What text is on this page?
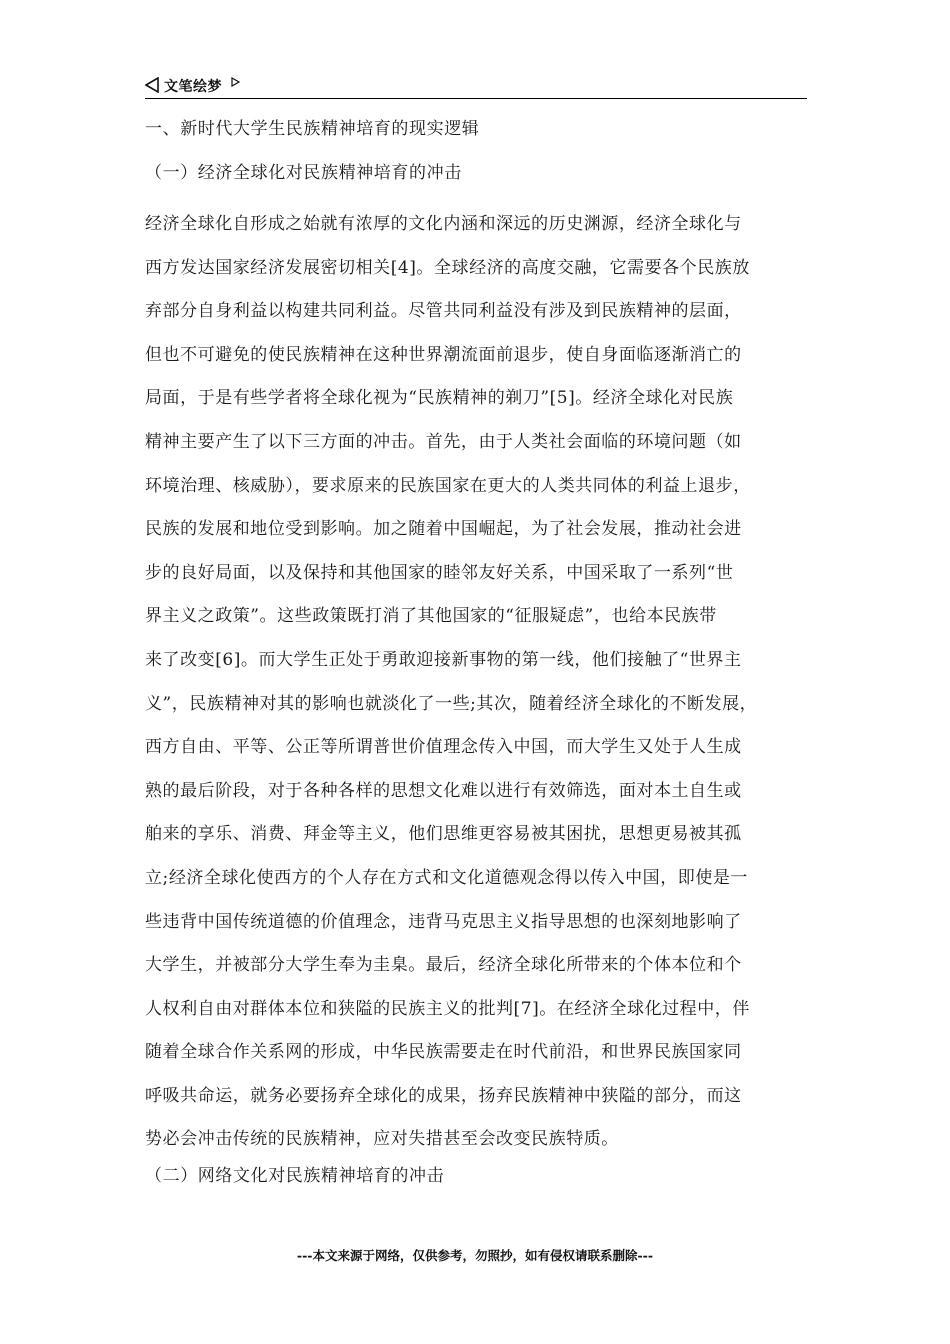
文笔绘梦
一、新时代大学生民族精神培育的现实逻辑
（一）经济全球化对民族精神培育的冲击
经济全球化自形成之始就有浓厚的文化内涵和深远的历史渊源，经济全球化与
西方发达国家经济发展密切相关[4]。全球经济的高度交融，它需要各个民族放
弃部分自身利益以构建共同利益。尽管共同利益没有涉及到民族精神的层面，
但也不可避免的使民族精神在这种世界潮流面前退步，使自身面临逐渐消亡的
局面，于是有些学者将全球化视为“民族精神的剃刀”[5]。经济全球化对民族
精神主要产生了以下三方面的冲击。首先，由于人类社会面临的环境问题（如
环境治理、核威胁），要求原来的民族国家在更大的人类共同体的利益上退步，
民族的发展和地位受到影响。加之随着中国崛起，为了社会发展，推动社会进
步的良好局面，以及保持和其他国家的睦邻友好关系，中国采取了一系列“世
界主义之政策”。这些政策既打消了其他国家的“征服疑虑”，也给本民族带
来了改变[6]。而大学生正处于勇敢迎接新事物的第一线，他们接触了“世界主
义”，民族精神对其的影响也就淡化了一些;其次，随着经济全球化的不断发展，
西方自由、平等、公正等所谓普世价值理念传入中国，而大学生又处于人生成
熟的最后阶段，对于各种各样的思想文化难以进行有效筛选，面对本土自生或
舶来的享乐、消费、拜金等主义，他们思维更容易被其困扰，思想更易被其孤
立;经济全球化使西方的个人存在方式和文化道德观念得以传入中国，即使是一
些违背中国传统道德的价值理念，违背马克思主义指导思想的也深刻地影响了
大学生，并被部分大学生奉为圭臬。最后，经济全球化所带来的个体本位和个
人权利自由对群体本位和狭隘的民族主义的批判[7]。在经济全球化过程中，伴
随着全球合作关系网的形成，中华民族需要走在时代前沿，和世界民族国家同
呼吸共命运，就务必要扬弃全球化的成果，扬弃民族精神中狭隘的部分，而这
势必会冲击传统的民族精神，应对失措甚至会改变民族特质。
（二）网络文化对民族精神培育的冲击
---本文来源于网络，仅供参考，勿照抄，如有侵权请联系删除---
